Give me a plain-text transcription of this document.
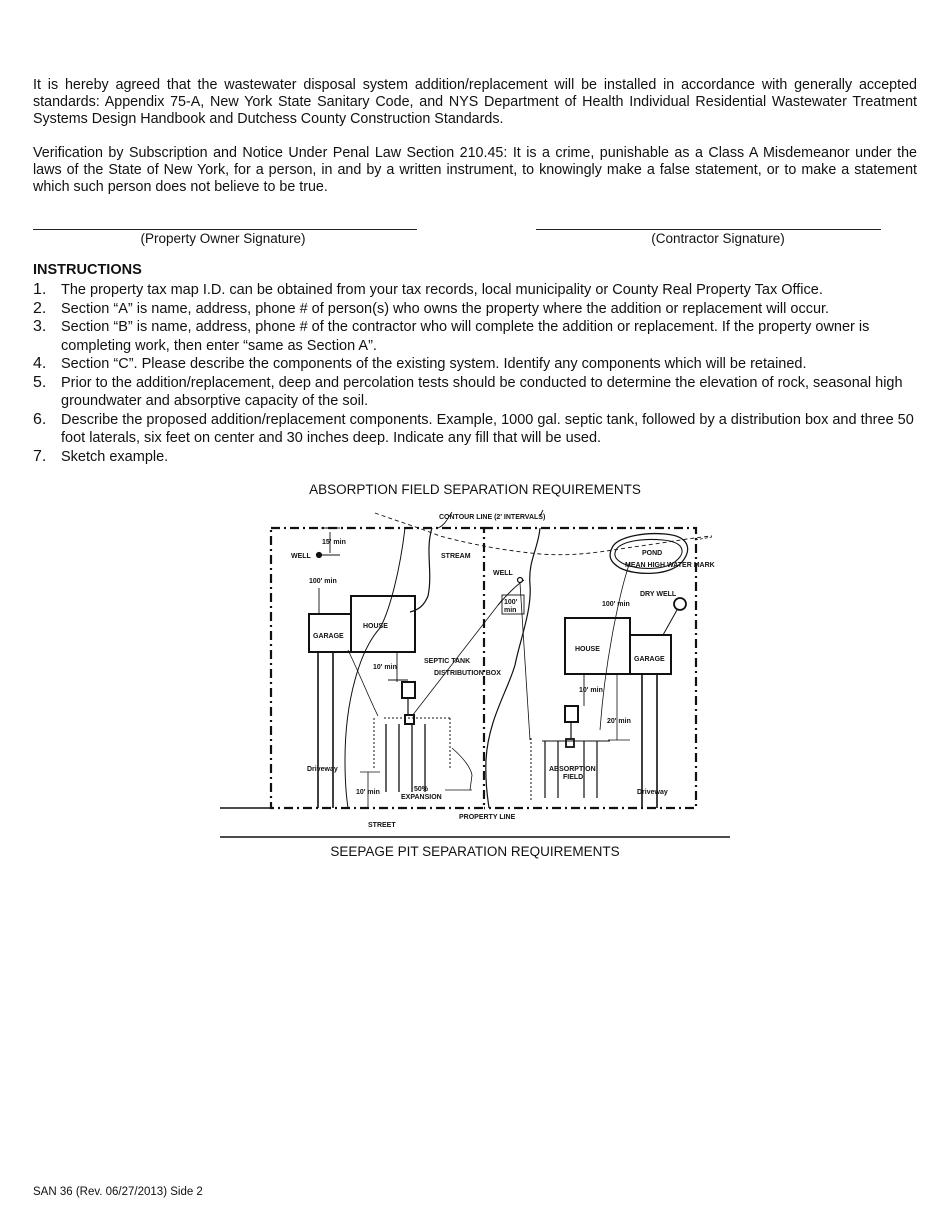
It is hereby agreed that the wastewater disposal system addition/replacement will be installed in accordance with generally accepted standards: Appendix 75-A, New York State Sanitary Code, and NYS Department of Health Individual Residential Wastewater Treatment Systems Design Handbook and Dutchess County Construction Standards.
Verification by Subscription and Notice Under Penal Law Section 210.45: It is a crime, punishable as a Class A Misdemeanor under the laws of the State of New York, for a person, in and by a written instrument, to knowingly make a false statement, or to make a statement which such person does not believe to be true.
(Property Owner Signature)	(Contractor Signature)
INSTRUCTIONS
1. The property tax map I.D. can be obtained from your tax records, local municipality or County Real Property Tax Office.
2. Section “A” is name, address, phone # of person(s) who owns the property where the addition or replacement will occur.
3. Section “B” is name, address, phone # of the contractor who will complete the addition or replacement. If the property owner is completing work, then enter “same as Section A”.
4. Section “C”. Please describe the components of the existing system. Identify any components which will be retained.
5. Prior to the addition/replacement, deep and percolation tests should be conducted to determine the elevation of rock, seasonal high groundwater and absorptive capacity of the soil.
6. Describe the proposed addition/replacement components. Example, 1000 gal. septic tank, followed by a distribution box and three 50 foot laterals, six feet on center and 30 inches deep. Indicate any fill that will be used.
7. Sketch example.
ABSORPTION FIELD SEPARATION REQUIREMENTS
CONTOUR LINE (2' INTERVALS)
15' min
WELL	STREAM
100' min
GARAGE
HOUSE
10' min
SEPTIC TANK
DISTRIBUTION BOX
Driveway
10' min	50%
EXPANSION
STREET
PROPERTY LINE
WELL
100'
min
POND
MEAN HIGH WATER MARK
100' min
DRY WELL
HOUSE
GARAGE
10' min
20' min
ABSORPTION
FIELD
Driveway
SEEPAGE PIT SEPARATION REQUIREMENTS
SAN 36 (Rev. 06/27/2013) Side 2
